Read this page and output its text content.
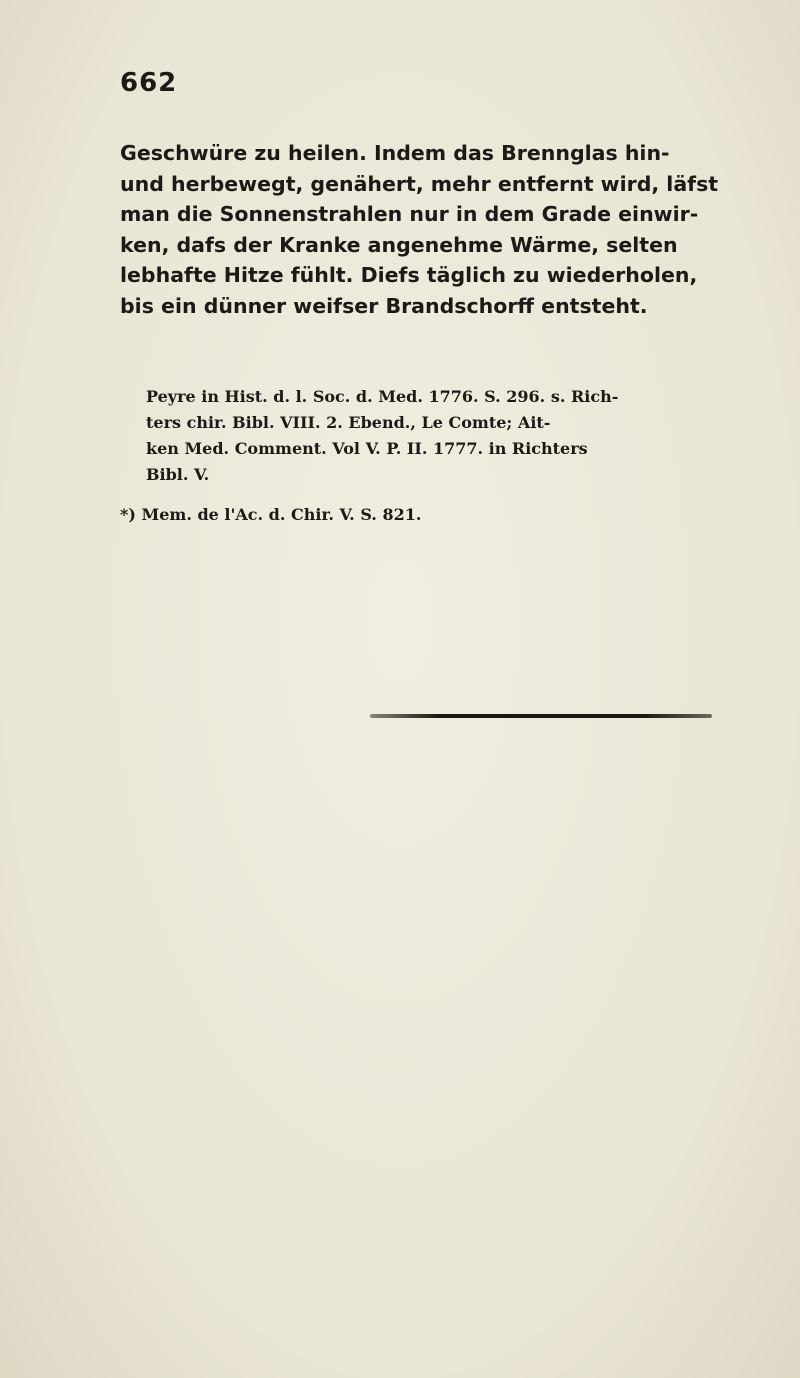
662

Geschwüre zu heilen. Indem das Brennglas hin-
und herbewegt, genähert, mehr entfernt wird, läfst
man die Sonnenstrahlen nur in dem Grade einwir-
ken, dafs der Kranke angenehme Wärme, selten
lebhafte Hitze fühlt. Diefs täglich zu wiederholen,
bis ein dünner weifser Brandschorff entsteht.

Peyre in Hist. d. l. Soc. d. Med. 1776. S. 296. s. Rich-

ters chir. Bibl. VIII. 2. Ebend., Le Comte; Ait-

ken Med. Comment. Vol V. P. II. 1777. in Richters

Bibl. V.

*) Mem. de l'Ac. d. Chir. V. S. 821.
